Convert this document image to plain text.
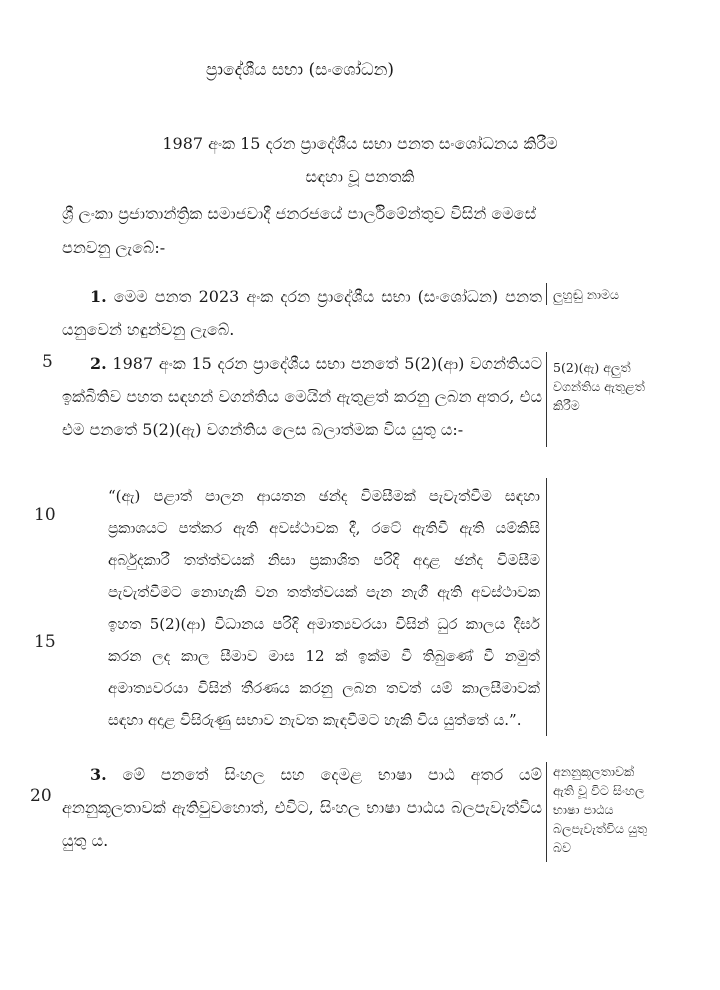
ප්‍රාදේශීය සභා (සංශෝධන)
1987 අංක 15 දරන ප්‍රාදේශීය සභා පනත සංශෝධනය කිරීම
සඳහා වූ පනතකි
ශ්‍රී ලංකා ප්‍රජාතාන්ත්‍රික සමාජවාදී ජනරජයේ පාර්ලිමේන්තුව විසින් මෙසේ පනවනු ලැබේ:-
1. මෙම පනත 2023 අංක දරන ප්‍රාදේශීය සභා (සංශෝධන) පනත යනුවෙන් හඳුන්වනු ලැබේ.
ලුහුඬු නාමය
5	2. 1987 අංක 15 දරන ප්‍රාදේශීය සභා පනතේ 5(2)(ආ) වගන්තියට ඉක්බිතිව පහත සඳහන් වගන්තිය මෙයින් ඇතුළත් කරනු ලබන අතර, එය එම පනතේ 5(2)(ඇ) වගන්තිය ලෙස බලාත්මක විය යුතු ය:-
5(2)(ඇ) අලුත් වගන්තිය ඇතුළත් කිරීම
10
15
“(ඇ) පළාත් පාලන ආයතන ඡන්ද විමසීමක් පැවැත්වීම සඳහා ප්‍රකාශයට පත්කර ඇති අවස්ථාවක දී, රටේ ඇතිවී ඇති යම්කිසි අර්බුදකාරී තත්ත්වයක් නිසා ප්‍රකාශිත පරිදි අදාළ ඡන්ද විමසීම පැවැත්වීමට නොහැකි වන තත්ත්වයක් පැන නැගී ඇති අවස්ථාවක ඉහත 5(2)(ආ) විධානය පරිදි අමාත්‍යවරයා විසින් ධුර කාලය දීර්ඝ කරන ලද කාල සීමාව මාස 12 ක් ඉක්ම වී තිබුණේ වී නමුත් අමාත්‍යවරයා විසින් තීරණය කරනු ලබන තවත් යම් කාලසීමාවක් සඳහා අදාළ විසිරුණු සභාව නැවත කැඳවීමට හැකි විය යුත්තේ ය.”.
20
3. මේ පනතේ සිංහල සහ දෙමළ භාෂා පාඨ අතර යම් අනනුකූලතාවක් ඇතිවුවහොත්, එවිට, සිංහල භාෂා පාඨය බලපැවැත්විය යුතු ය.
අනනුකූලතාවක් ඇති වූ විට සිංහල භාෂා පාඨය බලපැවැත්විය යුතු බව
